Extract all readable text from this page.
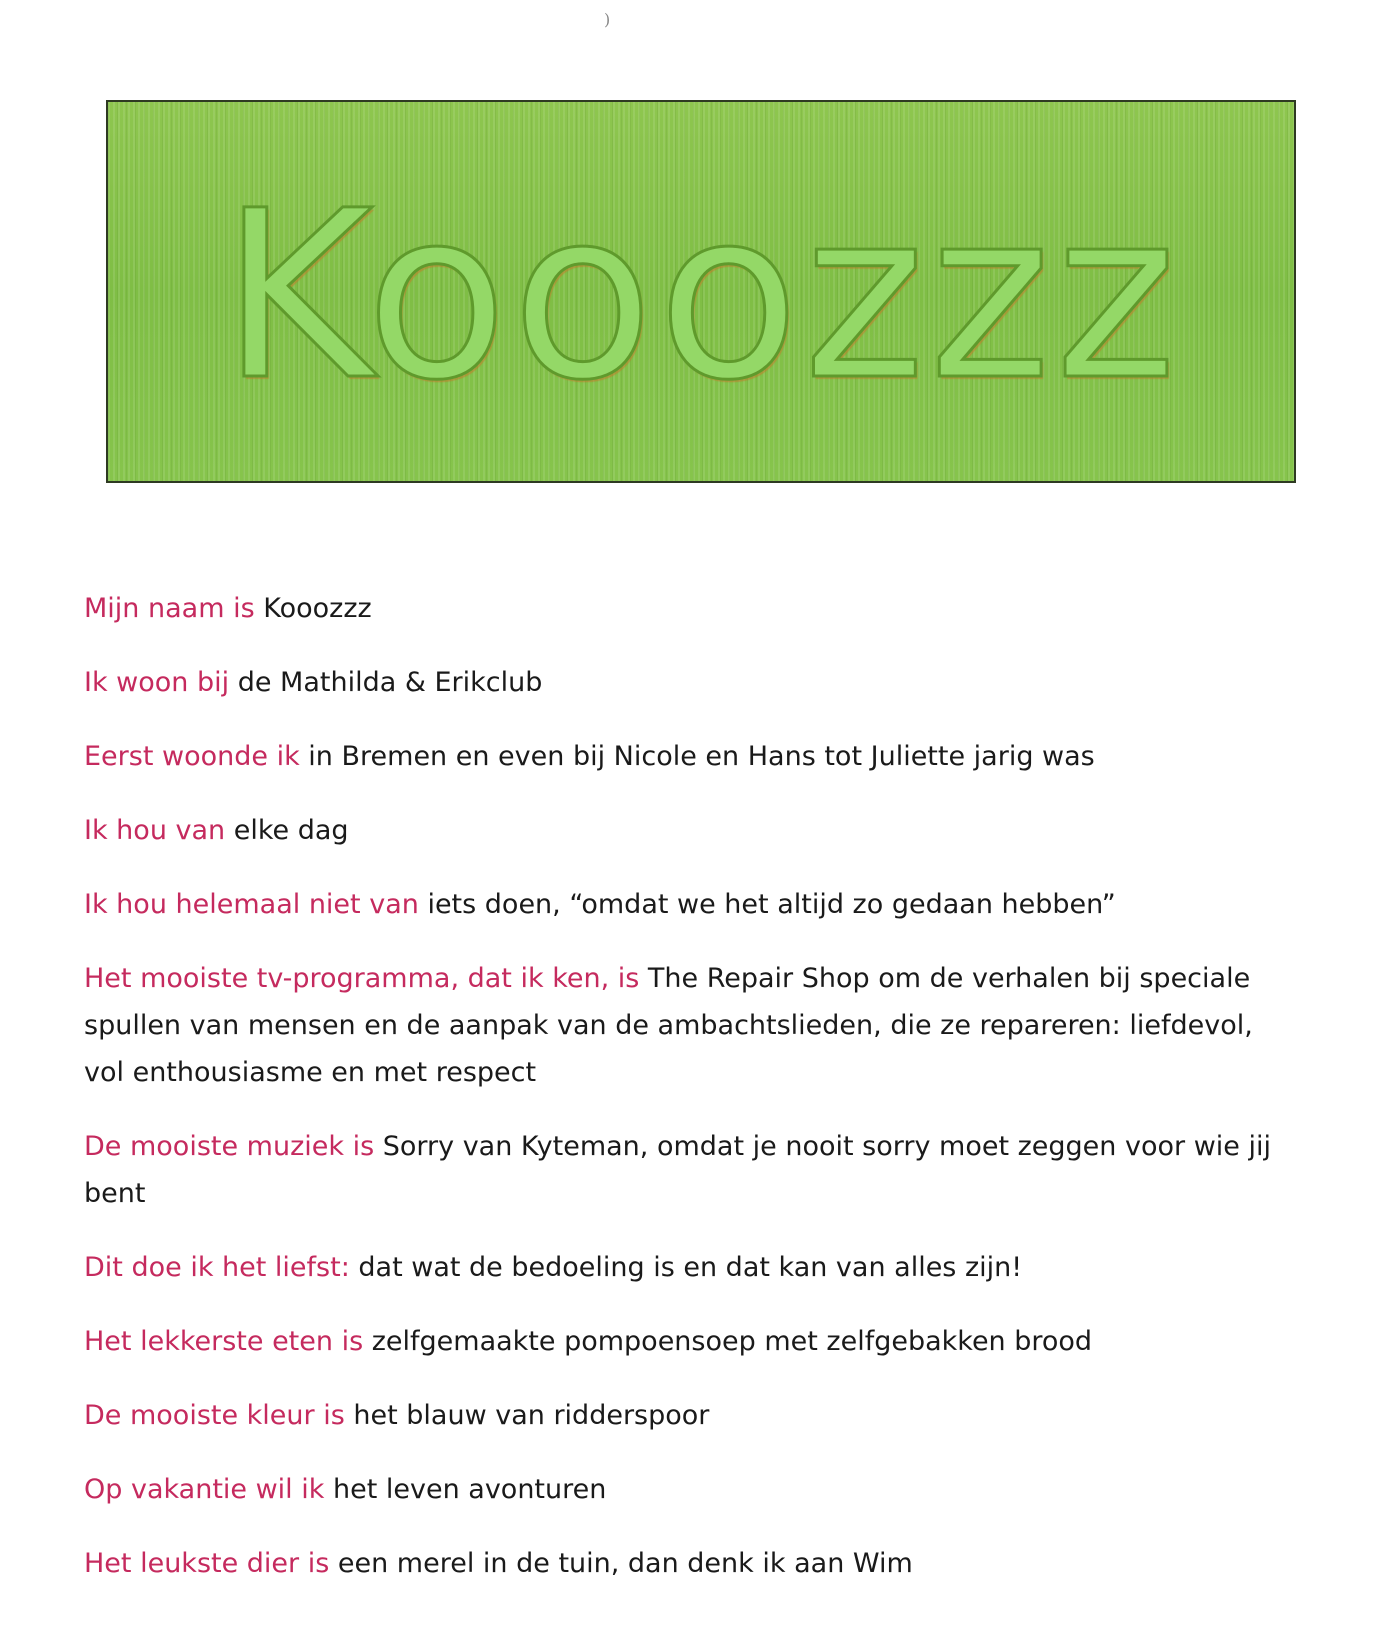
)
Kooozzz
Mijn naam is Kooozzz
Ik woon bij de Mathilda & Erikclub
Eerst woonde ik in Bremen en even bij Nicole en Hans tot Juliette jarig was
Ik hou van elke dag
Ik hou helemaal niet van iets doen, “omdat we het altijd zo gedaan hebben”
Het mooiste tv-programma, dat ik ken, is The Repair Shop om de verhalen bij speciale spullen van mensen en de aanpak van de ambachtslieden, die ze repareren: liefdevol, vol enthousiasme en met respect
De mooiste muziek is Sorry van Kyteman, omdat je nooit sorry moet zeggen voor wie jij bent
Dit doe ik het liefst: dat wat de bedoeling is en dat kan van alles zijn!
Het lekkerste eten is zelfgemaakte pompoensoep met zelfgebakken brood
De mooiste kleur is het blauw van ridderspoor
Op vakantie wil ik het leven avonturen
Het leukste dier is een merel in de tuin, dan denk ik aan Wim
